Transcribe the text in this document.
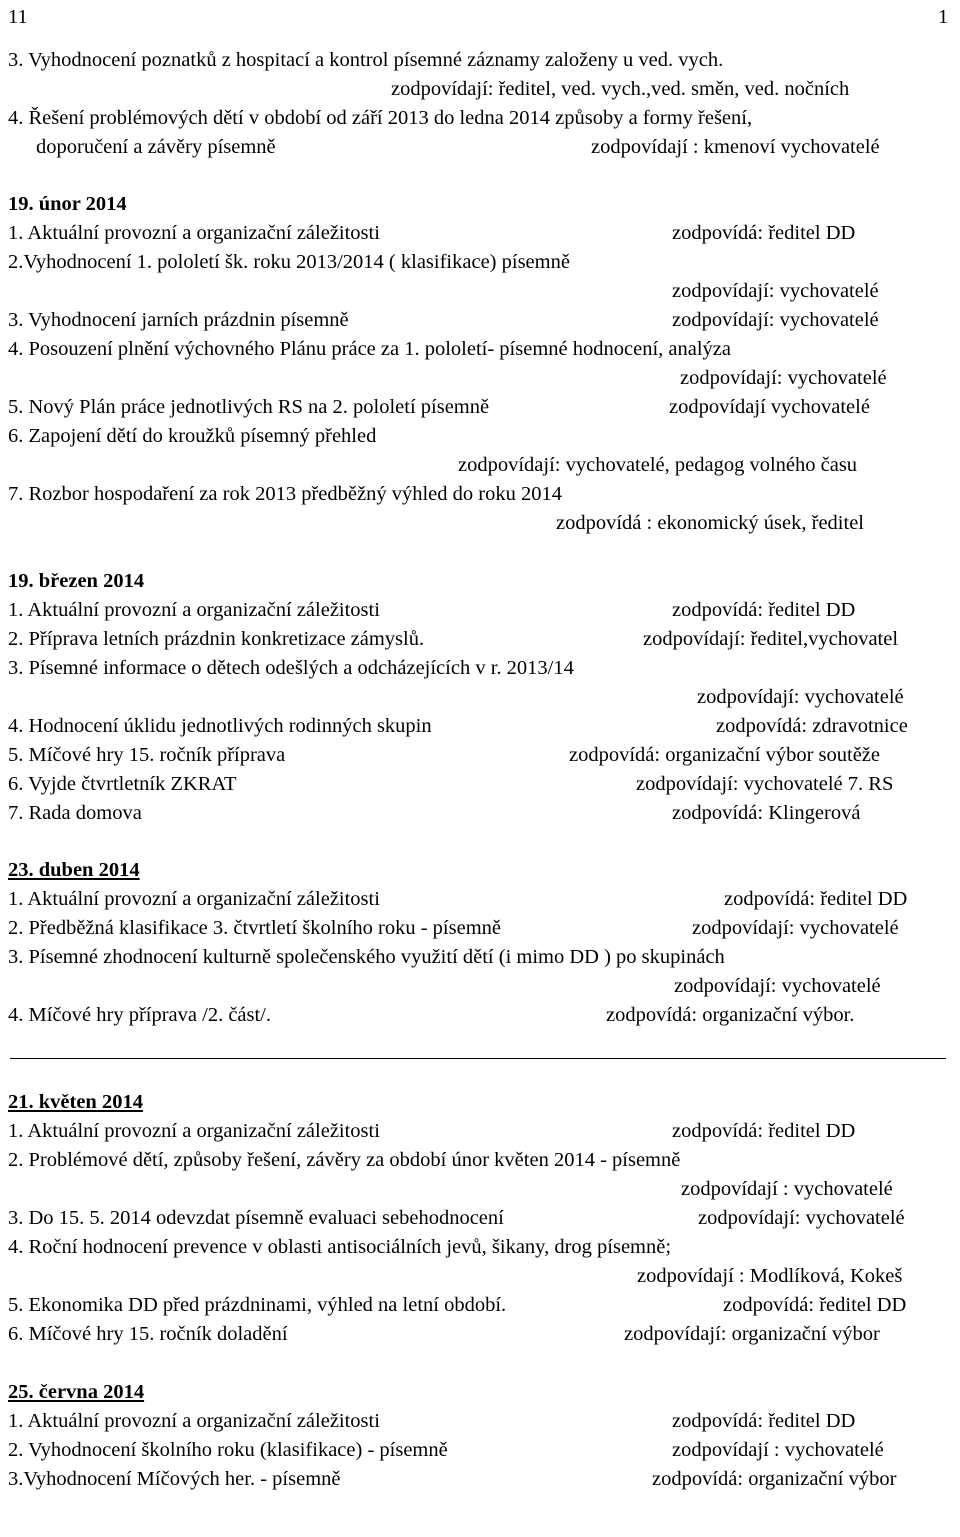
11	1
3. Vyhodnocení poznatků z hospitací a kontrol písemné záznamy založeny u ved. vych.
zodpovídají: ředitel, ved. vych.,ved. směn, ved. nočních
4. Řešení problémových dětí v období od září 2013 do ledna 2014 způsoby a formy řešení,
doporučení a závěry písemně	zodpovídají : kmenoví vychovatelé
19. únor 2014
1. Aktuální provozní a organizační záležitosti	zodpovídá: ředitel DD
2.Vyhodnocení 1. pololetí šk. roku 2013/2014 ( klasifikace) písemně
zodpovídají: vychovatelé
3. Vyhodnocení jarních prázdnin písemně	zodpovídají: vychovatelé
4. Posouzení plnění výchovného Plánu práce za 1. pololetí- písemné hodnocení, analýza
zodpovídají: vychovatelé
5. Nový Plán práce jednotlivých RS na 2. pololetí písemně	zodpovídají vychovatelé
6. Zapojení dětí do kroužků písemný přehled
zodpovídají: vychovatelé, pedagog volného času
7. Rozbor hospodaření za rok 2013 předběžný výhled do roku 2014
zodpovídá : ekonomický úsek, ředitel
19. březen 2014
1. Aktuální provozní a organizační záležitosti	zodpovídá: ředitel DD
2. Příprava letních prázdnin konkretizace zámyslů.	zodpovídají: ředitel,vychovatel
3. Písemné informace o dětech odešlých a odcházejících v r. 2013/14
zodpovídají: vychovatelé
4. Hodnocení úklidu jednotlivých rodinných skupin	zodpovídá: zdravotnice
5. Míčové hry 15. ročník příprava	zodpovídá: organizační výbor soutěže
6. Vyjde čtvrtletník ZKRAT	zodpovídají: vychovatelé 7. RS
7. Rada domova	zodpovídá: Klingerová
23. duben 2014
1. Aktuální provozní a organizační záležitosti	zodpovídá: ředitel DD
2. Předběžná klasifikace 3. čtvrtletí školního roku - písemně	zodpovídají: vychovatelé
3. Písemné zhodnocení kulturně společenského využití dětí (i mimo DD ) po skupinách
zodpovídají: vychovatelé
4. Míčové hry příprava /2. část/.	zodpovídá: organizační výbor.
21. květen 2014
1. Aktuální provozní a organizační záležitosti	zodpovídá: ředitel DD
2. Problémové dětí, způsoby řešení, závěry za období únor květen 2014 - písemně
zodpovídají : vychovatelé
3. Do 15. 5. 2014 odevzdat písemně evaluaci sebehodnocení	zodpovídají: vychovatelé
4. Roční hodnocení prevence v oblasti antisociálních jevů, šikany, drog písemně;
zodpovídají : Modlíková, Kokeš
5. Ekonomika DD před prázdninami, výhled na letní období.	zodpovídá: ředitel DD
6. Míčové hry 15. ročník doladění	zodpovídají: organizační výbor
25. června 2014
1. Aktuální provozní a organizační záležitosti	zodpovídá: ředitel DD
2. Vyhodnocení školního roku (klasifikace) - písemně	zodpovídají : vychovatelé
3.Vyhodnocení Míčových her. - písemně	zodpovídá: organizační výbor
